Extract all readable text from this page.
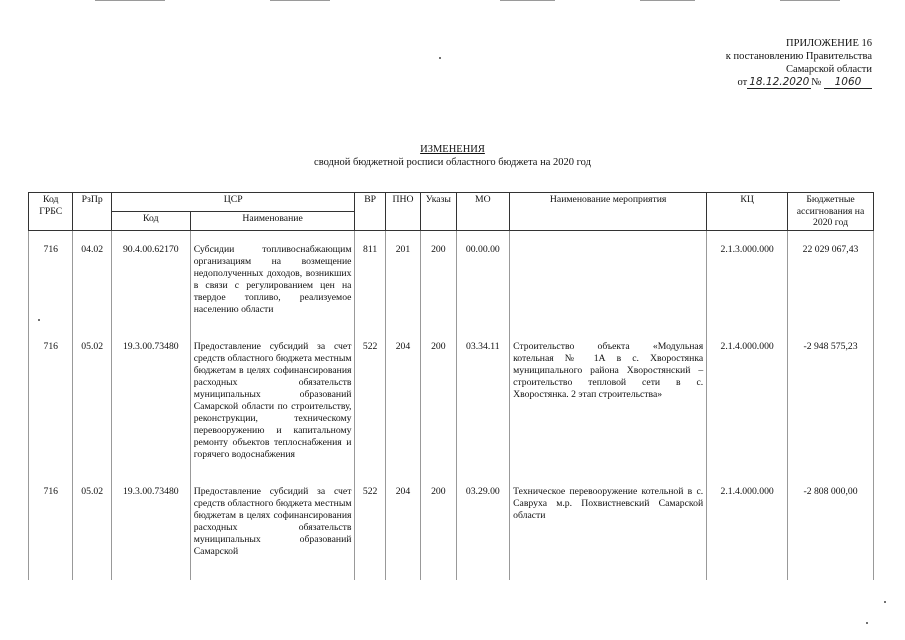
ПРИЛОЖЕНИЕ 16
к постановлению Правительства
Самарской области
от 18.12.2020 № 1060
ИЗМЕНЕНИЯ
сводной бюджетной росписи областного бюджета на 2020 год
Код ГРБС	РзПр	ЦСР		ВР	ПНО	Указы	МО	Наименование мероприятия	КЦ	Бюджетные ассигнования на 2020 год
		Код	Наименование							

716	04.02	90.4.00.62170	Субсидии топливоснабжающим организациям на возмещение недополученных доходов, возникших в связи с регулированием цен на твердое топливо, реализуемое населению области	811	201	200	00.00.00		2.1.3.000.000	22 029 067,43
716	05.02	19.3.00.73480	Предоставление субсидий за счет средств областного бюджета местным бюджетам в целях софинансирования расходных обязательств муниципальных образований Самарской области по строительству, реконструкции, техническому перевооружению и капитальному ремонту объектов теплоснабжения и горячего водоснабжения	522	204	200	03.34.11	Строительство объекта «Модульная котельная № 1А в с. Хворостянка муниципального района Хворостянский – строительство тепловой сети в с. Хворостянка. 2 этап строительства»	2.1.4.000.000	-2 948 575,23
716	05.02	19.3.00.73480	Предоставление субсидий за счет средств областного бюджета местным бюджетам в целях софинансирования расходных обязательств муниципальных образований Самарской	522	204	200	03.29.00	Техническое перевооружение котельной в с. Савруха м.р. Похвистневский Самарской области	2.1.4.000.000	-2 808 000,00
